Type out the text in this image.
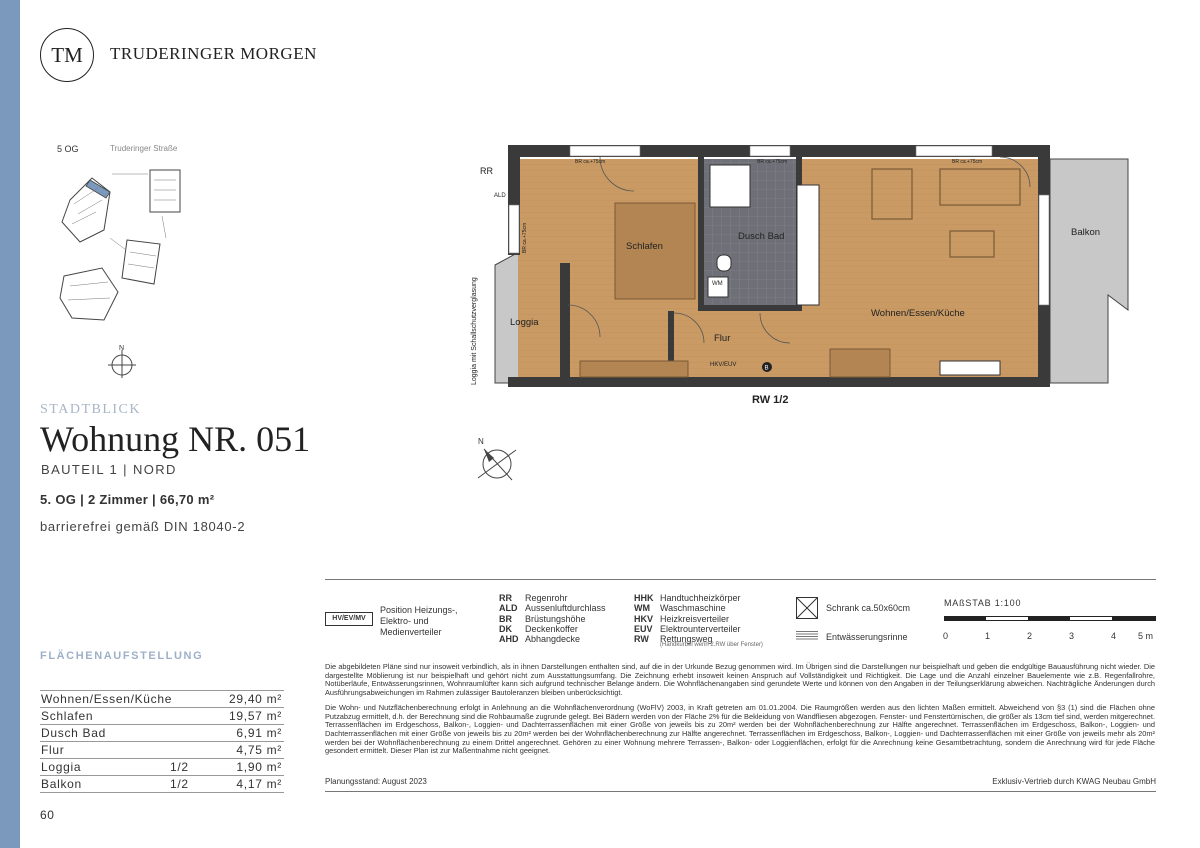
TM TRUDERINGER MORGEN
5 OG	Truderinger Straße
N
STADTBLICK
Wohnung NR. 051
BAUTEIL 1 | NORD
5. OG | 2 Zimmer | 66,70 m²
barrierefrei gemäß DIN 18040-2
FLÄCHENAUFSTELLUNG
Wohnen/Essen/Küche	29,40 m²
Schlafen	19,57 m²
Dusch Bad	6,91 m²
Flur	4,75 m²
Loggia	1/2	1,90 m²
Balkon	1/2	4,17 m²
60
Schlafen
Dusch Bad
Wohnen/Essen/Küche
Flur
Loggia
Balkon
RR
ALD
WM
HKV/EUV
BR ca.+75cm	BR ca.+75cm	BR ca.+75cm
BR ca.+75cm
Loggia mit Schallschutzverglasung	B
RW 1/2
N
HV/EV/MV
Position Heizungs-, Elektro- und Medienverteiler
RR	Regenrohr
ALD Aussenluftdurchlass
BR	Brüstungshöhe
DK	Deckenkoffer
AHD Abhangdecke
HHK Handtuchheizkörper
WM	Waschmaschine
HKV Heizkreisverteiler
EUV Elektrounterverteiler
RW	Rettungsweg
(Handkurbel wenn 2.RW über Fenster)
Schrank ca.50x60cm
Entwässerungsrinne
MAßSTAB 1:100
0	1	2	3	4 5 m

Die abgebildeten Pläne sind nur insoweit verbindlich, als in ihnen Darstellungen enthalten sind, auf die in der Urkunde Bezug genommen wird. Im Übrigen sind die Darstellungen nur beispielhaft und geben die endgültige Bauausführung nicht wieder. Die dargestellte Möblierung ist nur beispielhaft und gehört nicht zum Ausstattungsumfang. Die Zeichnung erhebt insoweit keinen Anspruch auf Vollständigkeit und Richtigkeit. Die Lage und die Anzahl einzelner Bauelemente wie z.B. Regenfallrohre, Notüberläufe, Entwässerungsrinnen, Wohnraumlüfter kann sich aufgrund technischer Belange ändern. Die Wohnflächenangaben sind gerundete Werte und können von den Angaben in der Teilungserklärung abweichen. Nachträgliche Änderungen durch Ausführungsabweichungen im Rahmen zulässiger Bautoleranzen bleiben unberücksichtigt.

Die Wohn- und Nutzflächenberechnung erfolgt in Anlehnung an die Wohnflächenverordnung (WoFlV) 2003, in Kraft getreten am 01.01.2004. Die Raumgrößen werden aus den lichten Maßen ermittelt. Abweichend von §3 (1) sind die Flächen ohne Putzabzug ermittelt, d.h. der Berechnung sind die Rohbaumaße zugrunde gelegt. Bei Bädern werden von der Fläche 2% für die Bekleidung von Wandfliesen abgezogen. Fenster- und Fenstertürnischen, die größer als 13cm tief sind, werden mitgerechnet. Terrassenflächen im Erdgeschoss, Balkon-, Loggien- und Dachterrassenflächen mit einer Größe von jeweils bis zu 20m² werden bei der Wohnflächenberechnung zur Hälfte angerechnet. Terrassenflächen im Erdgeschoss, Balkon-, Loggien- und Dachterrassenflächen mit einer Größe von jeweils bis zu 20m² werden bei der Wohnflächenberechnung zur Hälfte angerechnet. Terrassenflächen im Erdgeschoss, Balkon-, Loggien- und Dachterrassenflächen mit einer Größe von jeweils mehr als 20m² werden bei der Wohnflächenberechnung zu einem Drittel angerechnet. Gehören zu einer Wohnung mehrere Terrassen-, Balkon- oder Loggienflächen, erfolgt für die Anrechnung keine Gesamtbetrachtung, sondern die Anrechnung wird für jede Fläche gesondert ermittelt. Dieser Plan ist zur Maßentnahme nicht geeignet.

Planungsstand: August 2023	Exklusiv-Vertrieb durch KWAG Neubau GmbH
